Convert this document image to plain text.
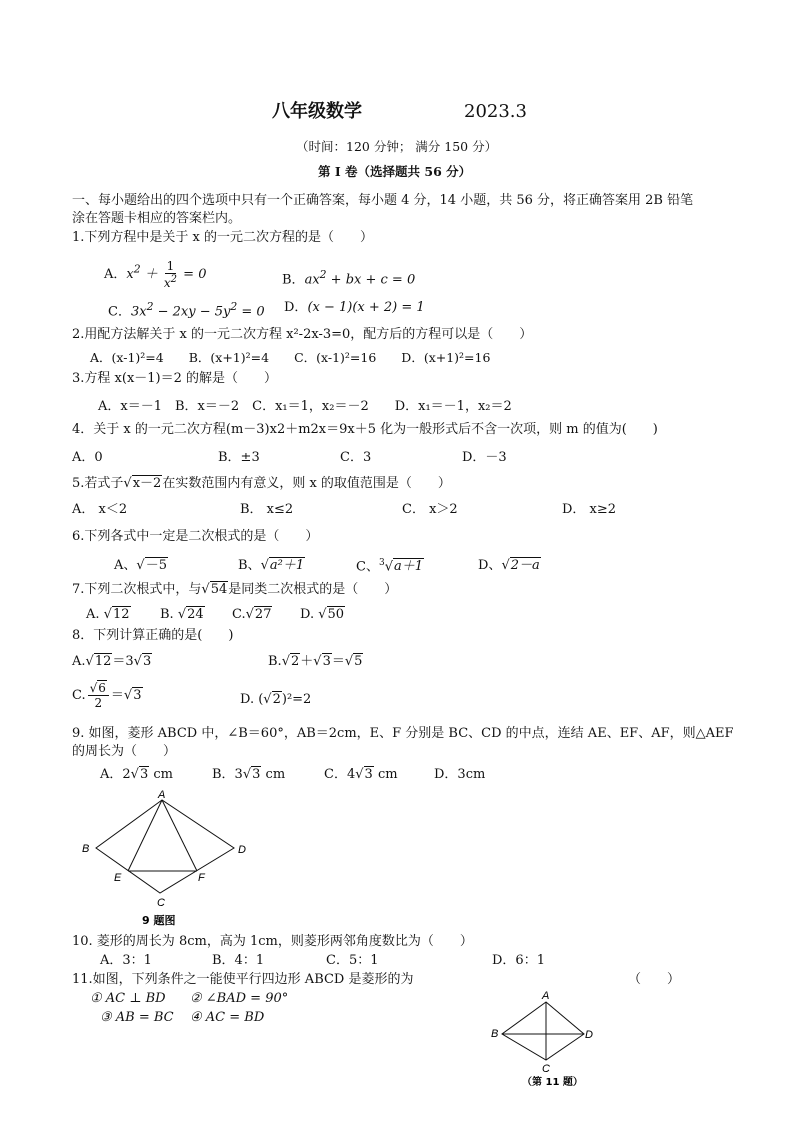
八年级数学	2023.3
（时间：120 分钟； 满分 150 分）
第 I 卷（选择题共 56 分）
一、每小题给出的四个选项中只有一个正确答案，每小题 4 分，14 小题，共 56 分，将正确答案用 2B 铅笔
涂在答题卡相应的答案栏内。
1.下列方程中是关于 x 的一元二次方程的是（　　）
A．$x^2 + \frac{1}{x^2} = 0$	B．$ax^2$ + bx + c = 0
C．$3x^2 - 2xy - 5y^2 = 0$ D．(x − 1)(x + 2) = 1
2.用配方法解关于 x 的一元二次方程 x²-2x-3=0，配方后的方程可以是（　　）
A．(x-1)²=4　　B．(x+1)²=4　　C．(x-1)²=16　　D．(x+1)²=16
3.方程 x(x－1)＝2 的解是（　　）
A．x＝－1　B．x＝－2　C．x₁＝1，x₂＝－2　　D．x₁＝－1，x₂＝2
4．关于 x 的一元二次方程(m－3)x2＋m2x＝9x＋5 化为一般形式后不含一次项，则 m 的值为(　　)
A．0	B．±3	C．3	D．－3
5.若式子√x－2在实数范围内有意义，则 x 的取值范围是（　　）
A． x＜2	B． x≤2	C． x＞2	D． x≥2
6.下列各式中一定是二次根式的是（　　）
A、√－5	B、√a²＋1	C、$^3$√a＋1	D、√2－a
7.下列二次根式中，与√54是同类二次根式的是（　　）
A. √12 B. √24 C.√27 D. √50
8．下列计算正确的是(　　)
A.√12＝3√3	B.√2＋√3＝√5
C. $\frac{√6}{2} =√3$	D. (√2)²=2
9. 如图，菱形 ABCD 中，∠B＝60°，AB＝2cm，E、F 分别是 BC、CD 的中点，连结 AE、EF、AF，则△AEF
的周长为（　　）
A．2√3 cm	B．3√3 cm	C．4√3 cm	D．3cm
A
B	D
E	F
C
9 题图
10. 菱形的周长为 8cm，高为 1cm，则菱形两邻角度数比为（　　）
A．3：1	B．4：1	C．5：1	D．6：1
11.如图，下列条件之一能使平行四边形 ABCD 是菱形的为	（　　）
① AC ⊥ BD ② ∠BAD = 90°
③ AB = BC ④ AC = BD
A
B	D
C
（第 11 题）
